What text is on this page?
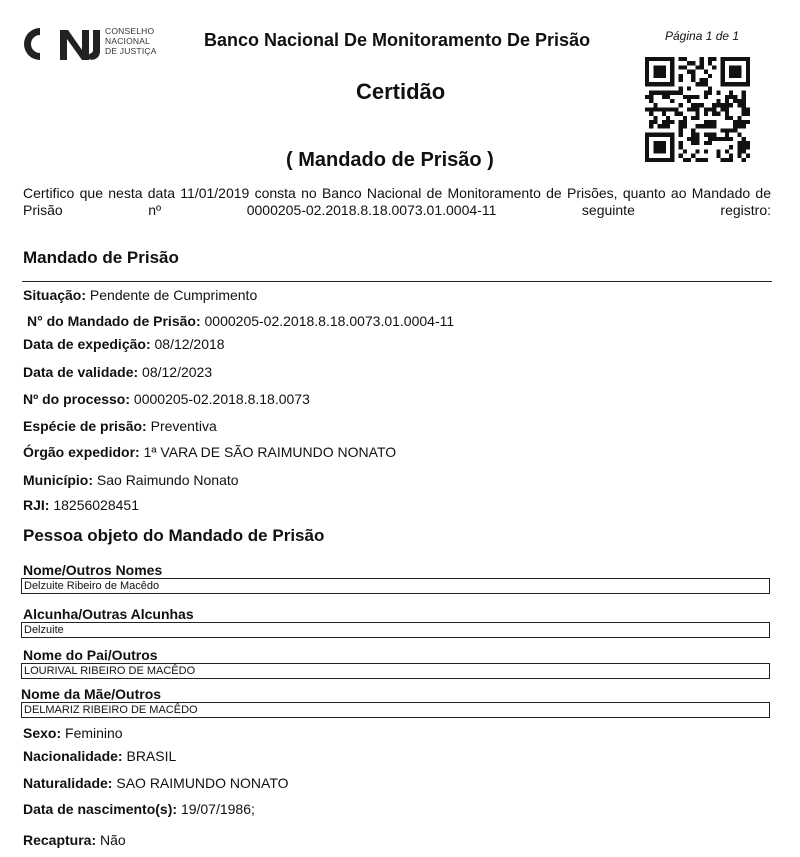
CONSELHO
NACIONAL
DE JUSTIÇA
Banco Nacional De Monitoramento De Prisão	Página 1 de 1
Certidão
( Mandado de Prisão )
Certifico que nesta data 11/01/2019 consta no Banco Nacional de Monitoramento de Prisões, quanto ao Mandado de Prisão nº 0000205-02.2018.8.18.0073.01.0004-11 seguinte registro:
Mandado de Prisão
Situação: Pendente de Cumprimento
N° do Mandado de Prisão: 0000205-02.2018.8.18.0073.01.0004-11
Data de expedição: 08/12/2018
Data de validade: 08/12/2023
Nº do processo: 0000205-02.2018.8.18.0073
Espécie de prisão: Preventiva
Órgão expedidor: 1ª VARA DE SÃO RAIMUNDO NONATO
Município: Sao Raimundo Nonato
RJI: 18256028451
Pessoa objeto do Mandado de Prisão
Nome/Outros Nomes
Delzuite Ribeiro de Macêdo
Alcunha/Outras Alcunhas
Delzuite
Nome do Pai/Outros
LOURIVAL RIBEIRO DE MACÊDO
Nome da Mãe/Outros
DELMARIZ RIBEIRO DE MACÊDO
Sexo: Feminino
Nacionalidade: BRASIL
Naturalidade: SAO RAIMUNDO NONATO
Data de nascimento(s): 19/07/1986;
Recaptura: Não
